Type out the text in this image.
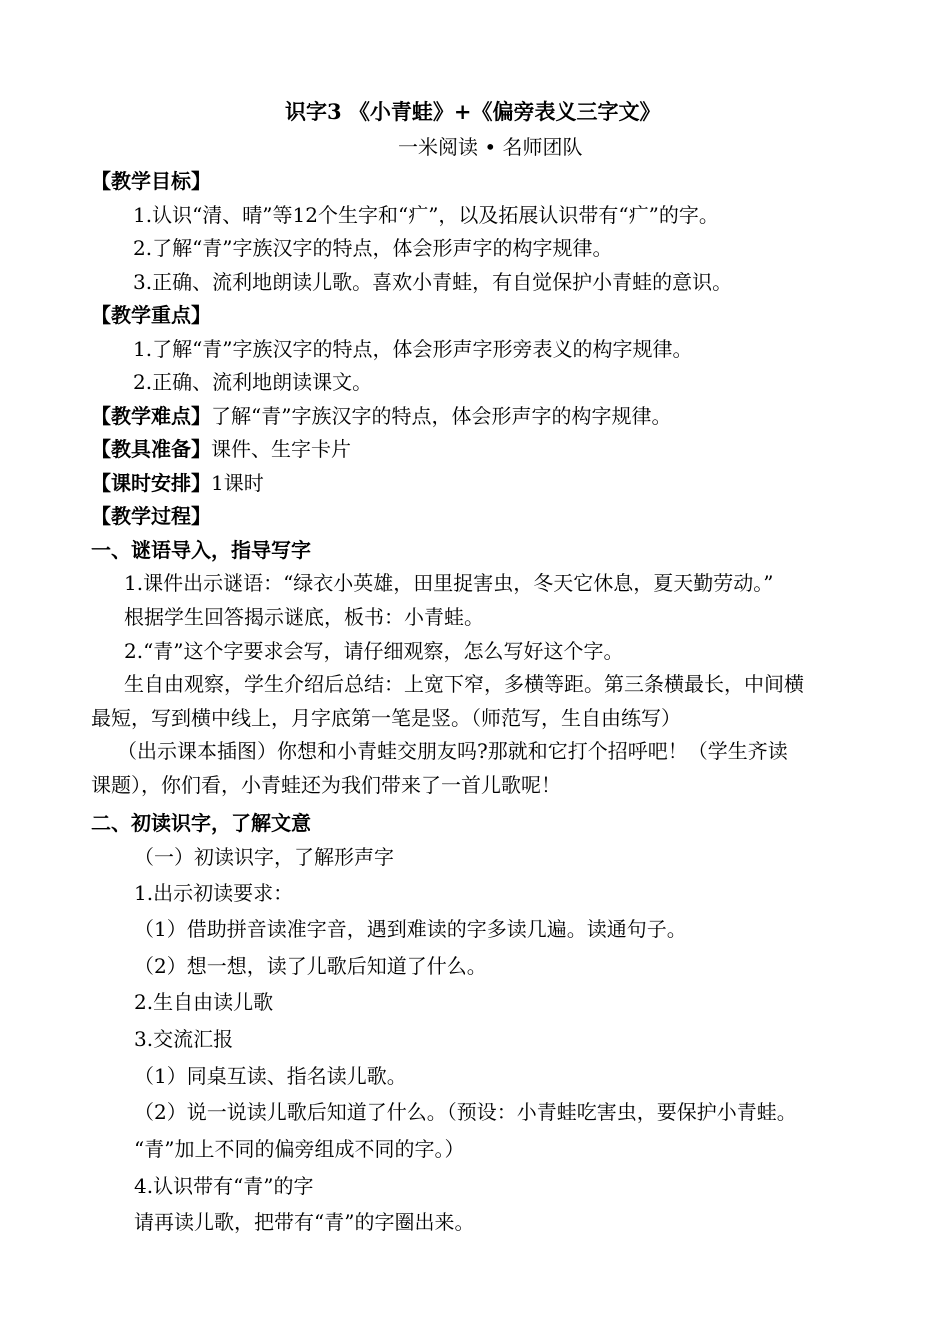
识字3 《小青蛙》+《偏旁表义三字文》
一米阅读 • 名师团队
【教学目标】
1.认识“清、晴”等12个生字和“疒”，以及拓展认识带有“疒”的字。
2.了解“青”字族汉字的特点，体会形声字的构字规律。
3.正确、流利地朗读儿歌。喜欢小青蛙，有自觉保护小青蛙的意识。
【教学重点】
1.了解“青”字族汉字的特点，体会形声字形旁表义的构字规律。
2.正确、流利地朗读课文。
【教学难点】了解“青”字族汉字的特点，体会形声字的构字规律。
【教具准备】课件、生字卡片
【课时安排】1课时
【教学过程】
一、谜语导入，指导写字
1.课件出示谜语：“绿衣小英雄，田里捉害虫，冬天它休息，夏天勤劳动。”
根据学生回答揭示谜底，板书：小青蛙。
2.“青”这个字要求会写，请仔细观察，怎么写好这个字。
生自由观察，学生介绍后总结：上宽下窄，多横等距。第三条横最长，中间横
最短，写到横中线上，月字底第一笔是竖。（师范写，生自由练写）
（出示课本插图）你想和小青蛙交朋友吗?那就和它打个招呼吧！（学生齐读
课题），你们看，小青蛙还为我们带来了一首儿歌呢！
二、初读识字，了解文意
（一）初读识字，了解形声字
1.出示初读要求：
（1）借助拼音读准字音，遇到难读的字多读几遍。读通句子。
（2）想一想，读了儿歌后知道了什么。
2.生自由读儿歌
3.交流汇报
（1）同桌互读、指名读儿歌。
（2）说一说读儿歌后知道了什么。（预设：小青蛙吃害虫，要保护小青蛙。
“青”加上不同的偏旁组成不同的字。）
4.认识带有“青”的字
请再读儿歌，把带有“青”的字圈出来。
